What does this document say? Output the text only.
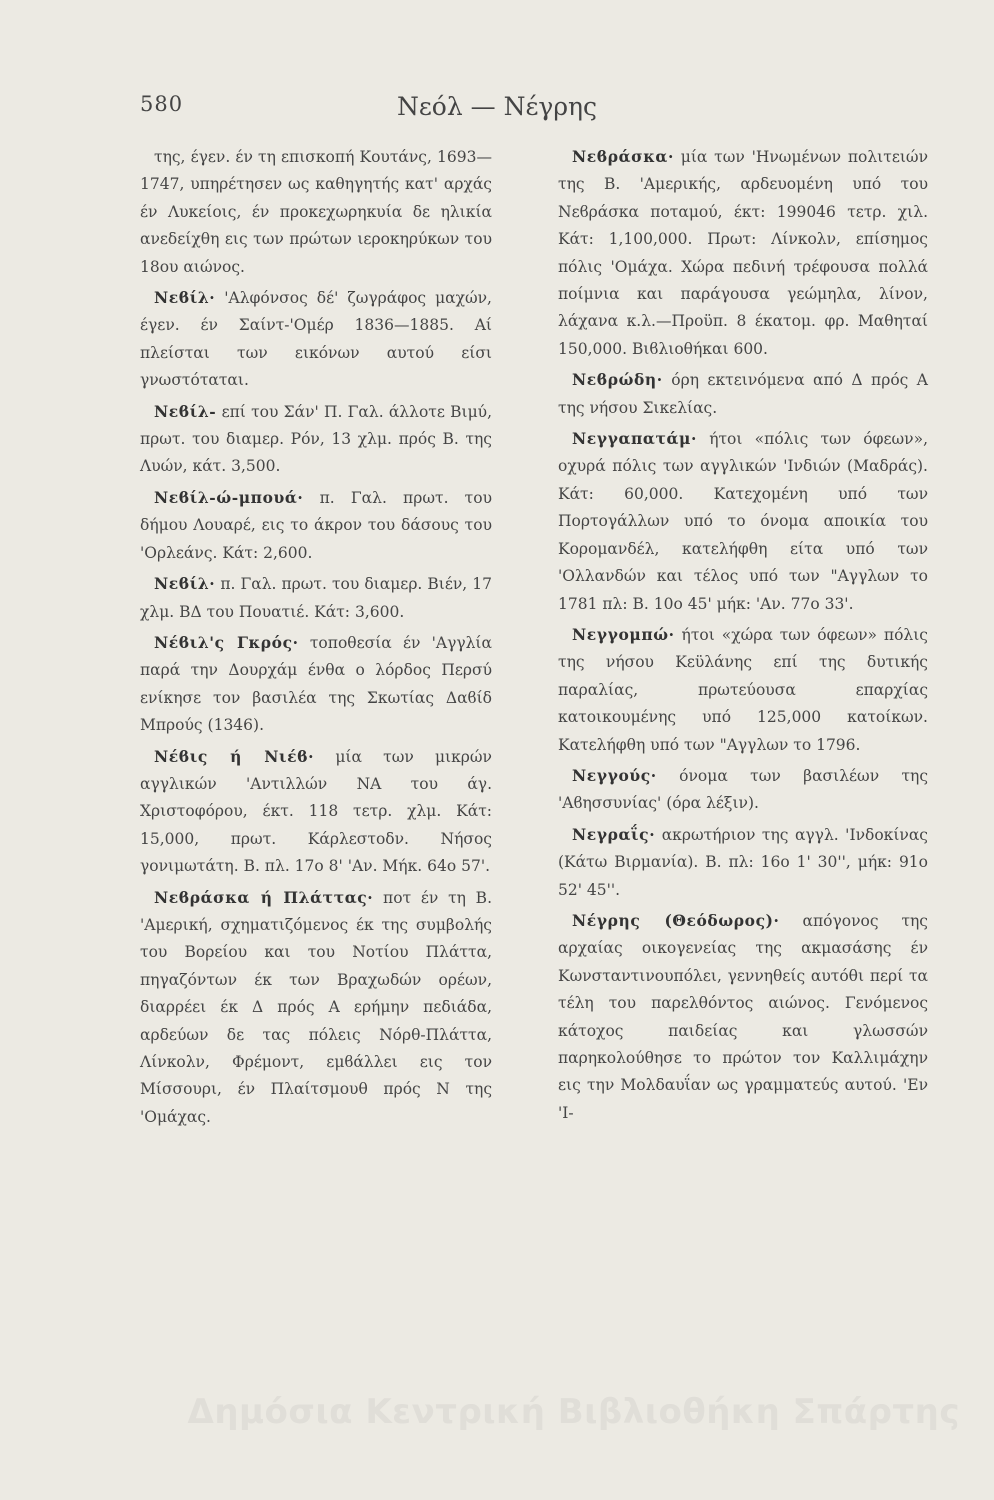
580	Νεόλ — Νέγρης

της, έγεν. έν τη επισκοπή Κουτάνς, 1693—1747, υπηρέτησεν ως καθηγητής κατ' αρχάς έν Λυκείοις, έν προκεχωρηκυία δε ηλικία ανεδείχθη εις των πρώτων ιεροκηρύκων του 18ου αιώνος.

Νεϐίλ· 'Αλφόνσος δέ' ζωγράφος μαχών, έγεν. έν Σαίντ-'Ομέρ 1836—1885. Αί πλείσται των εικόνων αυτού είσι γνωστόταται.

Νεϐίλ- επί του Σάν' Π. Γαλ. άλλοτε Βιμύ, πρωτ. του διαμερ. Ρόν, 13 χλμ. πρός Β. της Λυών, κάτ. 3,500.

Νεϐίλ-ώ-μπουά· π. Γαλ. πρωτ. του δήμου Λουαρέ, εις το άκρον του δάσους του 'Ορλεάνς. Κάτ: 2,600.

Νεϐίλ· π. Γαλ. πρωτ. του διαμερ. Βιέν, 17 χλμ. ΒΔ του Πουατιέ. Κάτ: 3,600.

Νέϐιλ'ς Γκρός· τοποθεσία έν 'Αγγλία παρά την Δουρχάμ ένθα ο λόρδος Περσύ ενίκησε τον βασιλέα της Σκωτίας Δαϐίδ Μπρούς (1346).

Νέϐις ή Νιέϐ· μία των μικρών αγγλικών 'Αντιλλών ΝΑ του άγ. Χριστοφόρου, έκτ. 118 τετρ. χλμ. Κάτ: 15,000, πρωτ. Κάρλεστοδν. Νήσος γονιμωτάτη. Β. πλ. 17ο 8' 'Αν. Μήκ. 64ο 57'.

Νεϐράσκα ή Πλάττας· ποτ έν τη Β. 'Αμερική, σχηματιζόμενος έκ της συμβολής του Βορείου και του Νοτίου Πλάττα, πηγαζόντων έκ των Βραχωδών ορέων, διαρρέει έκ Δ πρός Α ερήμην πεδιάδα, αρδεύων δε τας πόλεις Νόρθ-Πλάττα, Λίνκολν, Φρέμοντ, εμϐάλλει εις τον Μίσσουρι, έν Πλαίτσμουθ πρός Ν της 'Ομάχας.

Νεϐράσκα· μία των 'Ηνωμένων πολιτειών της Β. 'Αμερικής, αρδευομένη υπό του Νεϐράσκα ποταμού, έκτ: 199046 τετρ. χιλ. Κάτ: 1,100,000. Πρωτ: Λίνκολν, επίσημος πόλις 'Ομάχα. Χώρα πεδινή τρέφουσα πολλά ποίμνια και παράγουσα γεώμηλα, λίνον, λάχανα κ.λ.—Προϋπ. 8 έκατομ. φρ. Μαθηταί 150,000. Βιϐλιοθήκαι 600.

Νεϐρώδη· όρη εκτεινόμενα από Δ πρός Α της νήσου Σικελίας.

Νεγγαπατάμ· ήτοι «πόλις των όφεων», οχυρά πόλις των αγγλικών 'Ινδιών (Μαδράς). Κάτ: 60,000. Κατεχομένη υπό των Πορτογάλλων υπό το όνομα αποικία του Κορομανδέλ, κατελήφθη είτα υπό των 'Ολλανδών και τέλος υπό των "Αγγλων το 1781 πλ: Β. 10ο 45' μήκ: 'Αν. 77ο 33'.

Νεγγομπώ· ήτοι «χώρα των όφεων» πόλις της νήσου Κεϋλάνης επί της δυτικής παραλίας, πρωτεύουσα επαρχίας κατοικουμένης υπό 125,000 κατοίκων. Κατελήφθη υπό των "Αγγλων το 1796.

Νεγγούς· όνομα των βασιλέων της 'Αϐησσυνίας' (όρα λέξιν).

Νεγραΐς· ακρωτήριον της αγγλ. 'Ινδοκίνας (Κάτω Βιρμανία). Β. πλ: 16ο 1' 30'', μήκ: 91ο 52' 45''.

Νέγρης (Θεόδωρος)· απόγονος της αρχαίας οικογενείας της ακμασάσης έν Κωνσταντινουπόλει, γεννηθείς αυτόθι περί τα τέλη του παρελθόντος αιώνος. Γενόμενος κάτοχος παιδείας και γλωσσών παρηκολούθησε το πρώτον τον Καλλιμάχην εις την Μολδαυΐαν ως γραμματεύς αυτού. 'Εν 'Ι-

Δημόσια Κεντρική Βιβλιοθήκη Σπάρτης
